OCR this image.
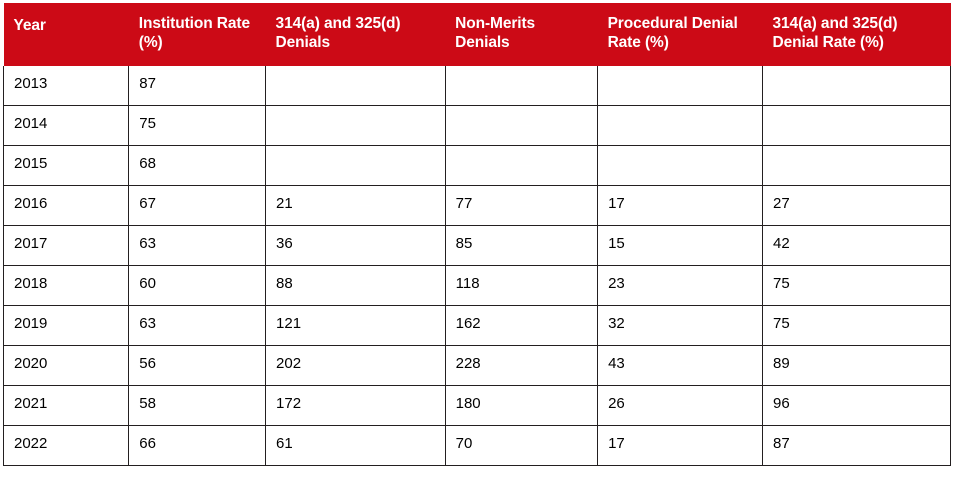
Year	Institution Rate (%)	314(a) and 325(d) Denials	Non-Merits Denials	Procedural Denial Rate (%)	314(a) and 325(d) Denial Rate (%)
2013	87				
2014	75				
2015	68				
2016	67	21	77	17	27
2017	63	36	85	15	42
2018	60	88	118	23	75
2019	63	121	162	32	75
2020	56	202	228	43	89
2021	58	172	180	26	96
2022	66	61	70	17	87
